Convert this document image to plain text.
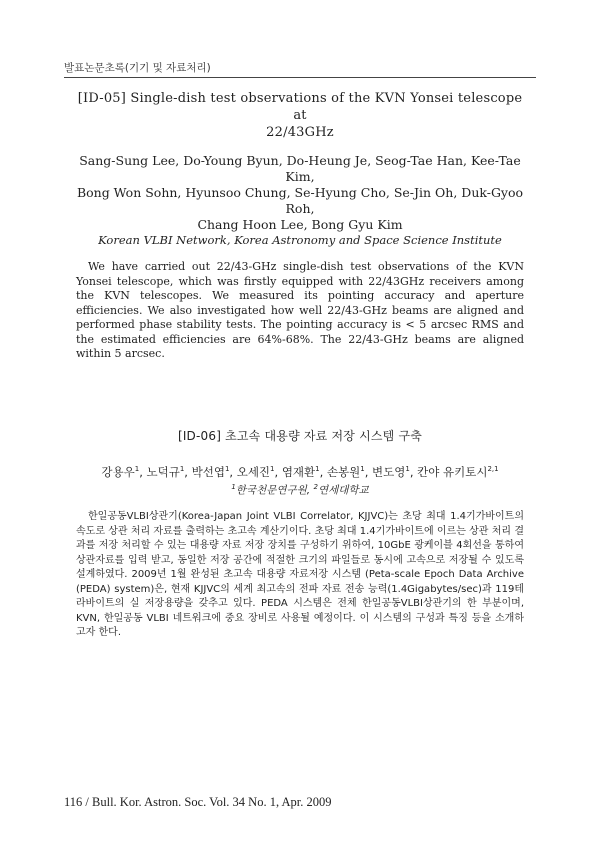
발표논문초록(기기 및 자료처리)
[ID-05] Single-dish test observations of the KVN Yonsei telescope at
22/43GHz
Sang-Sung Lee, Do-Young Byun, Do-Heung Je, Seog-Tae Han, Kee-Tae Kim,
Bong Won Sohn, Hyunsoo Chung, Se-Hyung Cho, Se-Jin Oh, Duk-Gyoo Roh,
Chang Hoon Lee, Bong Gyu Kim
Korean VLBI Network, Korea Astronomy and Space Science Institute

We have carried out 22/43-GHz single-dish test observations of the KVN Yonsei telescope, which was firstly equipped with 22/43GHz receivers among the KVN telescopes. We measured its pointing accuracy and aperture efficiencies. We also investigated how well 22/43-GHz beams are aligned and performed phase stability tests. The pointing accuracy is < 5 arcsec RMS and the estimated efficiencies are 64%-68%. The 22/43-GHz beams are aligned within 5 arcsec.

[ID-06] 초고속 대용량 자료 저장 시스템 구축
강용우$^1$, 노덕규$^1$, 박선엽$^1$, 오세진$^1$, 염재환$^1$, 손봉원$^1$, 변도영$^1$, 칸야 유키토시$^{2,1}$
$^1$한국천문연구원, $^2$연세대학교

한일공동VLBI상관기(Korea-Japan Joint VLBI Correlator, KJJVC)는 초당 최대 1.4기가바이트의 속도로 상관 처리 자료를 출력하는 초고속 계산기이다. 초당 최대 1.4기가바이트에 이르는 상관 처리 결과를 저장 처리할 수 있는 대용량 자료 저장 장치를 구성하기 위하여, 10GbE 광케이블 4회선을 통하여 상관자료를 입력 받고, 동일한 저장 공간에 적절한 크기의 파일들로 동시에 고속으로 저장될 수 있도록 설계하였다. 2009년 1월 완성된 초고속 대용량 자료저장 시스템 (Peta-scale Epoch Data Archive (PEDA) system)은, 현재 KJJVC의 세계 최고속의 전파 자료 전송 능력(1.4Gigabytes/sec)과 119테라바이트의 실 저장용량을 갖추고 있다. PEDA 시스템은 전체 한일공동VLBI상관기의 한 부분이며, KVN, 한일공동 VLBI 네트워크에 중요 장비로 사용될 예정이다. 이 시스템의 구성과 특징 등을 소개하고자 한다.

116 / Bull. Kor. Astron. Soc. Vol. 34 No. 1, Apr. 2009
